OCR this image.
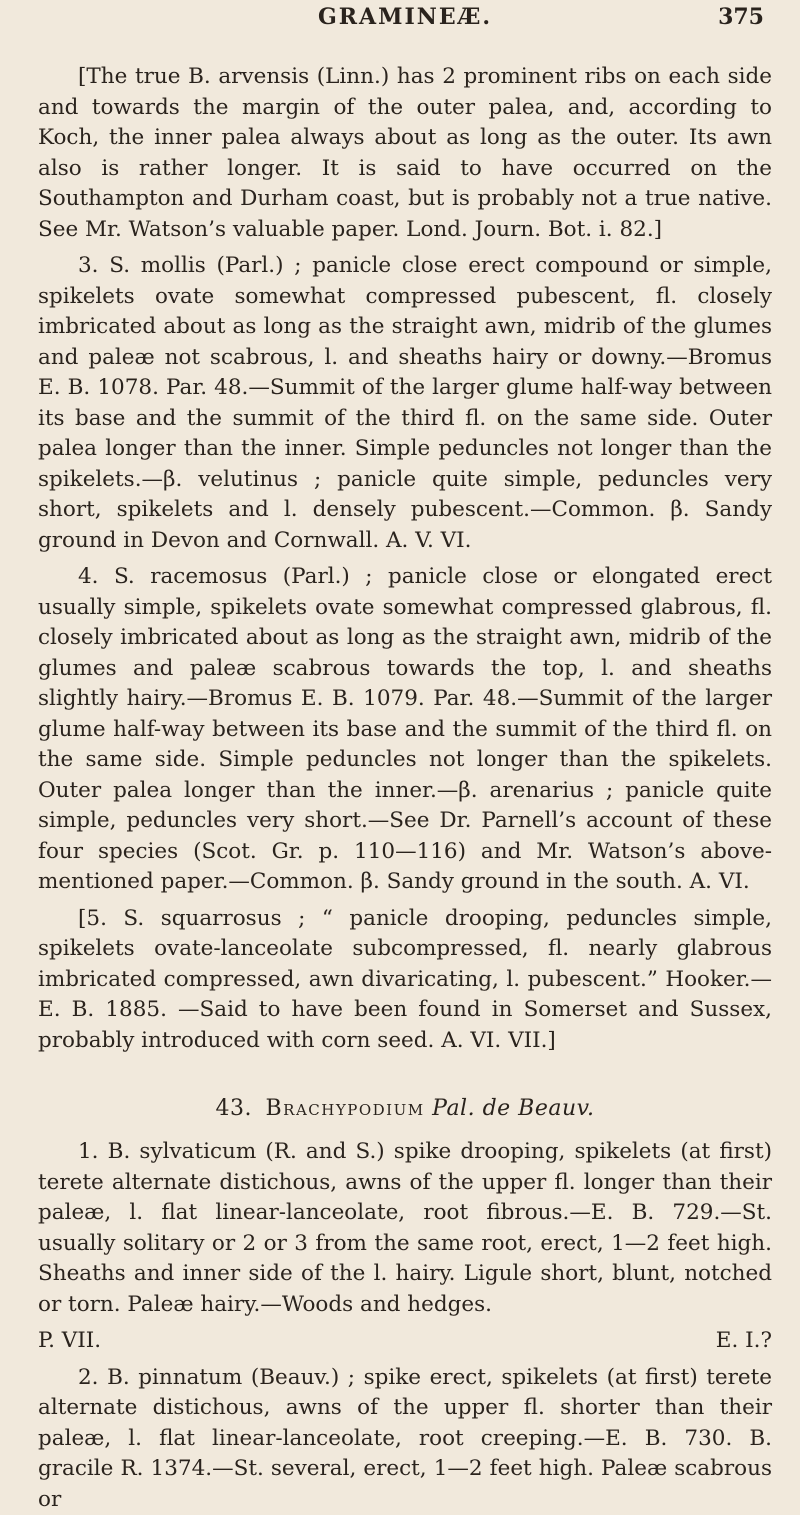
GRAMINEÆ.	375

[The true B. arvensis (Linn.) has 2 prominent ribs on each side and towards the margin of the outer palea, and, according to Koch, the inner palea always about as long as the outer. Its awn also is rather longer. It is said to have occurred on the Southampton and Durham coast, but is probably not a true native. See Mr. Watson’s valuable paper. Lond. Journ. Bot. i. 82.]

3. S. mollis (Parl.) ; panicle close erect compound or simple, spikelets ovate somewhat compressed pubescent, fl. closely imbricated about as long as the straight awn, midrib of the glumes and paleæ not scabrous, l. and sheaths hairy or downy.—Bromus E. B. 1078. Par. 48.—Summit of the larger glume half-way between its base and the summit of the third fl. on the same side. Outer palea longer than the inner. Simple peduncles not longer than the spikelets.—β. velutinus ; panicle quite simple, peduncles very short, spikelets and l. densely pubescent.—Common. β. Sandy ground in Devon and Cornwall. A. V. VI.

4. S. racemosus (Parl.) ; panicle close or elongated erect usually simple, spikelets ovate somewhat compressed glabrous, fl. closely imbricated about as long as the straight awn, midrib of the glumes and paleæ scabrous towards the top, l. and sheaths slightly hairy.—Bromus E. B. 1079. Par. 48.—Summit of the larger glume half-way between its base and the summit of the third fl. on the same side. Simple peduncles not longer than the spikelets. Outer palea longer than the inner.—β. arenarius ; panicle quite simple, peduncles very short.—See Dr. Parnell’s account of these four species (Scot. Gr. p. 110—116) and Mr. Watson’s above-mentioned paper.—Common. β. Sandy ground in the south. A. VI.

[5. S. squarrosus ; “ panicle drooping, peduncles simple, spikelets ovate-lanceolate subcompressed, fl. nearly glabrous imbricated compressed, awn divaricating, l. pubescent.” Hooker.—E. B. 1885. —Said to have been found in Somerset and Sussex, probably introduced with corn seed. A. VI. VII.]

43. Brachypodium Pal. de Beauv.

1. B. sylvaticum (R. and S.) spike drooping, spikelets (at first) terete alternate distichous, awns of the upper fl. longer than their paleæ, l. flat linear-lanceolate, root fibrous.—E. B. 729.—St. usually solitary or 2 or 3 from the same root, erect, 1—2 feet high. Sheaths and inner side of the l. hairy. Ligule short, blunt, notched or torn. Paleæ hairy.—Woods and hedges.

P. VII.	E. I.?

2. B. pinnatum (Beauv.) ; spike erect, spikelets (at first) terete alternate distichous, awns of the upper fl. shorter than their paleæ, l. flat linear-lanceolate, root creeping.—E. B. 730. B. gracile R. 1374.—St. several, erect, 1—2 feet high. Paleæ scabrous or
